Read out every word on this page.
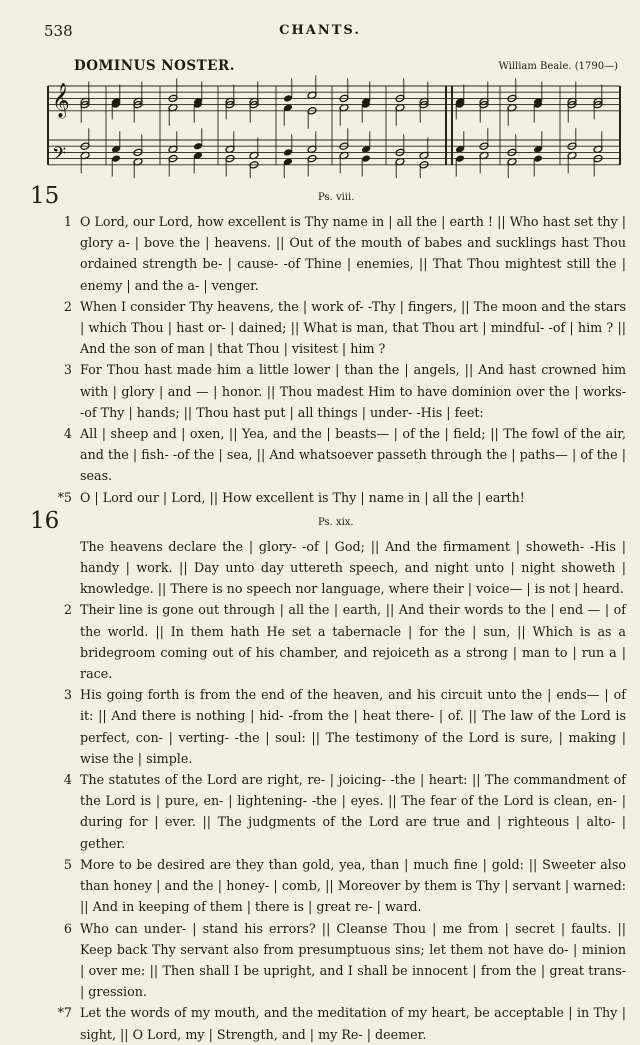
538	CHANTS.
DOMINUS NOSTER.	William Beale. (1790—)
𝄞
𝄢
15	Ps. viii.
1 O Lord, our Lord, how excellent is Thy name in | all the | earth ! || Who hast set thy | glory a- | bove the | heavens. || Out of the mouth of babes and sucklings hast Thou ordained strength be- | cause- -of Thine | enemies, || That Thou mightest still the | enemy | and the a- | venger.
2 When I consider Thy heavens, the | work of- -Thy | fingers, || The moon and the stars | which Thou | hast or- | dained; || What is man, that Thou art | mindful- -of | him ? || And the son of man | that Thou | visitest | him ?
3 For Thou hast made him a little lower | than the | angels, || And hast crowned him with | glory | and — | honor. || Thou madest Him to have dominion over the | works- -of Thy | hands; || Thou hast put | all things | under- -His | feet:
4 All | sheep and | oxen, || Yea, and the | beasts— | of the | field; || The fowl of the air, and the | fish- -of the | sea, || And whatsoever passeth through the | paths— | of the | seas.
*5 O | Lord our | Lord, || How excellent is Thy | name in | all the | earth!
16	Ps. xix.
The heavens declare the | glory- -of | God; || And the firmament | showeth- -His | handy | work. || Day unto day uttereth speech, and night unto | night showeth | knowledge. || There is no speech nor language, where their | voice— | is not | heard.
2 Their line is gone out through | all the | earth, || And their words to the | end — | of the world. || In them hath He set a tabernacle | for the | sun, || Which is as a bridegroom coming out of his chamber, and rejoiceth as a strong | man to | run a | race.
3 His going forth is from the end of the heaven, and his circuit unto the | ends— | of it: || And there is nothing | hid- -from the | heat there- | of. || The law of the Lord is perfect, con- | verting- -the | soul: || The testimony of the Lord is sure, | making | wise the | simple.
4 The statutes of the Lord are right, re- | joicing- -the | heart: || The commandment of the Lord is | pure, en- | lightening- -the | eyes. || The fear of the Lord is clean, en- | during for | ever. || The judgments of the Lord are true and | righteous | alto- | gether.
5 More to be desired are they than gold, yea, than | much fine | gold: || Sweeter also than honey | and the | honey- | comb, || Moreover by them is Thy | servant | warned: || And in keeping of them | there is | great re- | ward.
6 Who can under- | stand his errors? || Cleanse Thou | me from | secret | faults. || Keep back Thy servant also from presumptuous sins; let them not have do- | minion | over me: || Then shall I be upright, and I shall be innocent | from the | great trans- | gression.
*7 Let the words of my mouth, and the meditation of my heart, be acceptable | in Thy | sight, || O Lord, my | Strength, and | my Re- | deemer.
